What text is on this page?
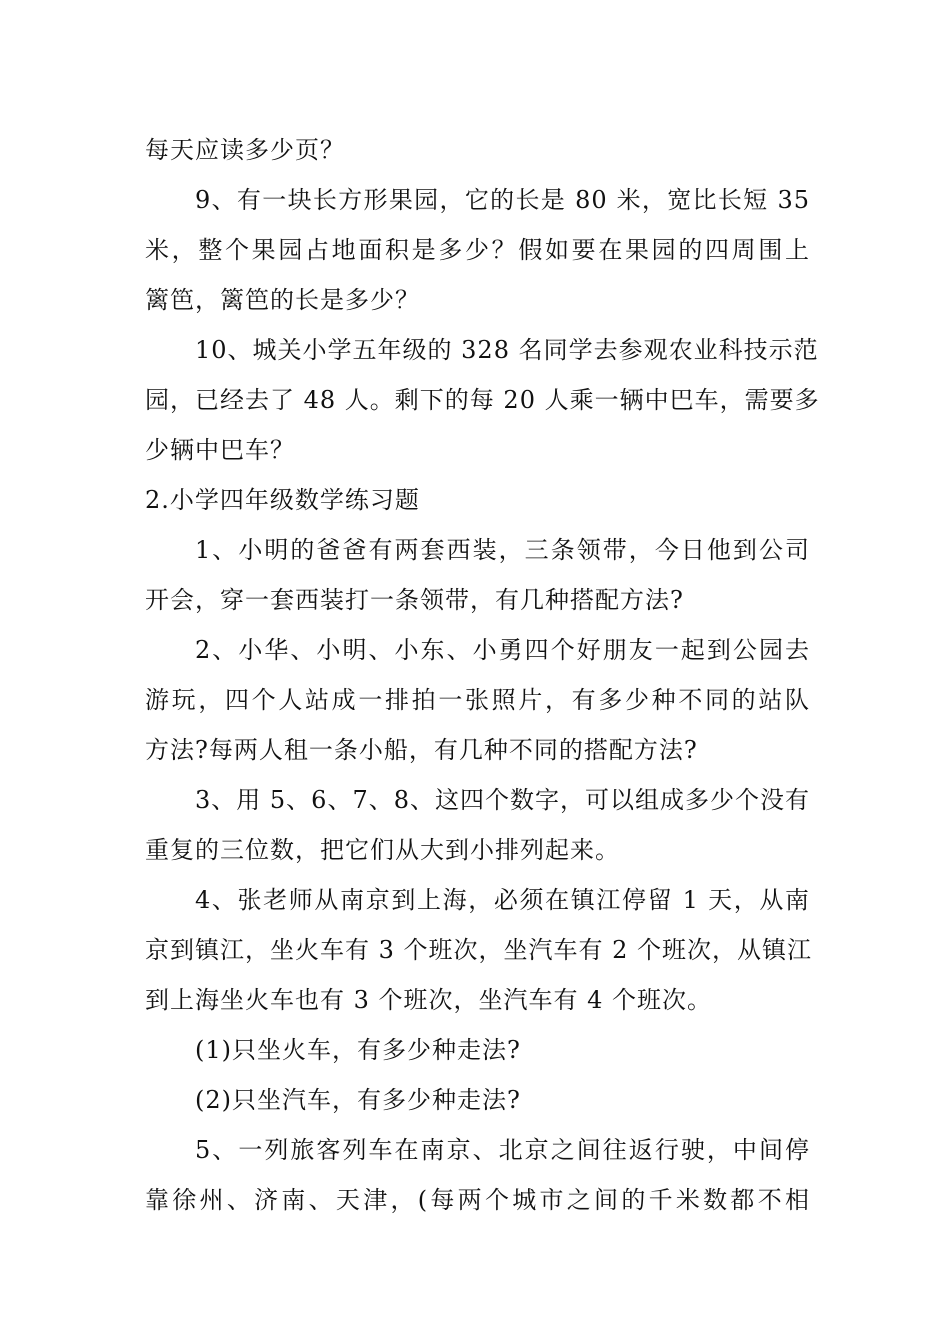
每天应读多少页？
9、有一块长方形果园，它的长是 80 米，宽比长短 35
米，整个果园占地面积是多少？假如要在果园的四周围上
篱笆，篱笆的长是多少？
10、城关小学五年级的 328 名同学去参观农业科技示范
园，已经去了 48 人。剩下的每 20 人乘一辆中巴车，需要多
少辆中巴车？
2.小学四年级数学练习题
1、小明的爸爸有两套西装，三条领带，今日他到公司
开会，穿一套西装打一条领带，有几种搭配方法?
2、小华、小明、小东、小勇四个好朋友一起到公园去
游玩，四个人站成一排拍一张照片，有多少种不同的站队
方法?每两人租一条小船，有几种不同的搭配方法?
3、用 5、6、7、8、这四个数字，可以组成多少个没有
重复的三位数，把它们从大到小排列起来。
4、张老师从南京到上海，必须在镇江停留 1 天，从南
京到镇江，坐火车有 3 个班次，坐汽车有 2 个班次，从镇江
到上海坐火车也有 3 个班次，坐汽车有 4 个班次。
(1)只坐火车，有多少种走法?
(2)只坐汽车，有多少种走法?
5、一列旅客列车在南京、北京之间往返行驶，中间停
靠徐州、济南、天津，(每两个城市之间的千米数都不相
